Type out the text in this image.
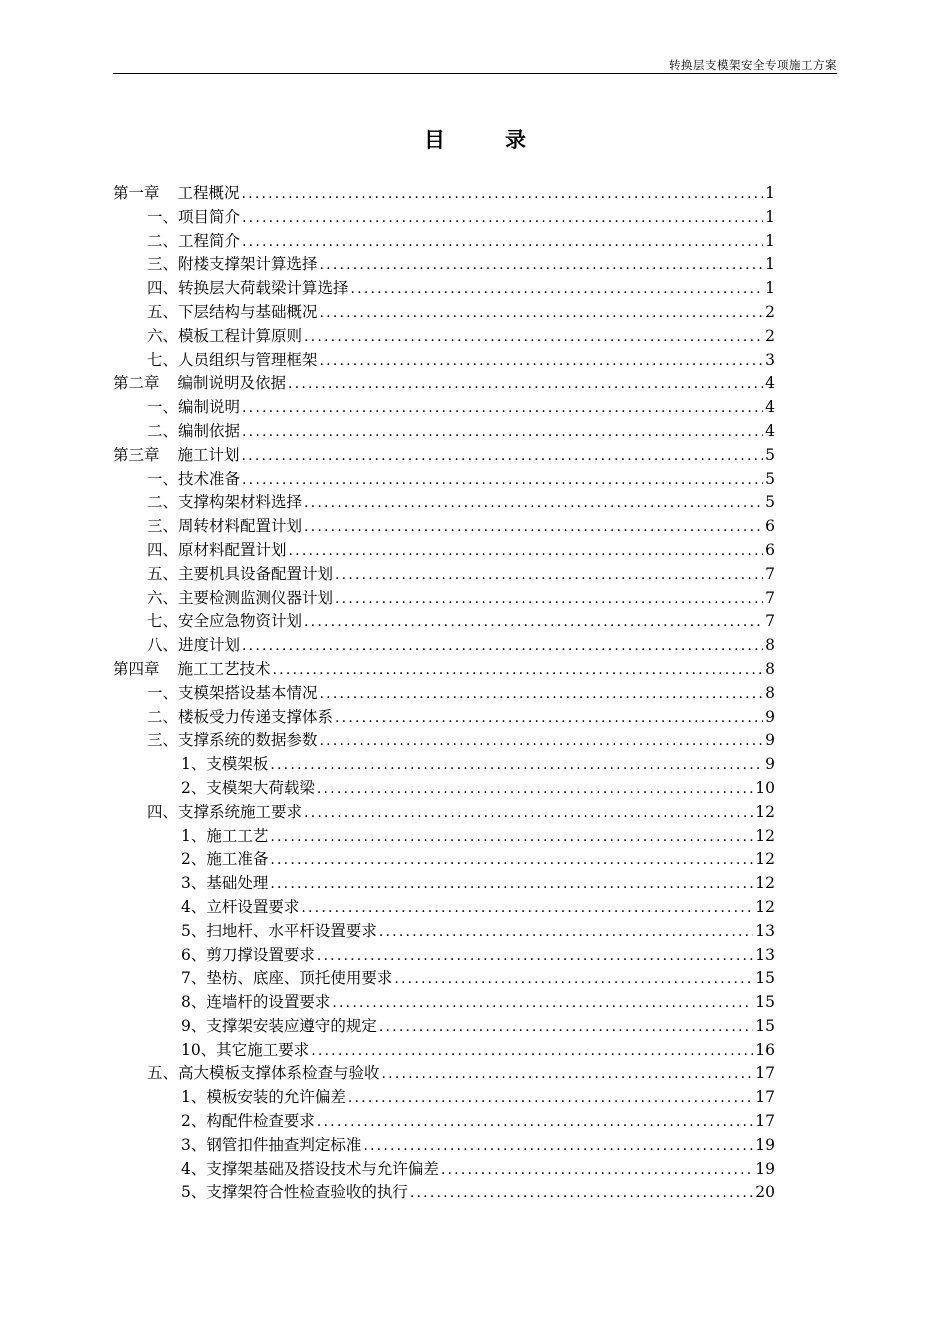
转换层支模架安全专项施工方案
目	录
第一章 工程概况 .....	1
一、项目简介 .....	1
二、工程简介 .....	1
三、附楼支撑架计算选择 .....	1
四、转换层大荷载梁计算选择 .....	1
五、下层结构与基础概况 .....	2
六、模板工程计算原则 .....	2
七、人员组织与管理框架 .....	3
第二章 编制说明及依据 .....	4
一、编制说明 .....	4
二、编制依据 .....	4
第三章 施工计划 .....	5
一、技术准备 .....	5
二、支撑构架材料选择 .....	5
三、周转材料配置计划 .....	6
四、原材料配置计划 .....	6
五、主要机具设备配置计划 .....	7
六、主要检测监测仪器计划 .....	7
七、安全应急物资计划 .....	7
八、进度计划 .....	8
第四章 施工工艺技术 .....	8
一、支模架搭设基本情况 .....	8
二、楼板受力传递支撑体系 .....	9
三、支撑系统的数据参数 .....	9
1、支模架板 .....	9
2、支模架大荷载梁 .....	10
四、支撑系统施工要求 .....	12
1、施工工艺 .....	12
2、施工准备 .....	12
3、基础处理 .....	12
4、立杆设置要求 .....	12
5、扫地杆、水平杆设置要求 .....	13
6、剪刀撑设置要求 .....	13
7、垫枋、底座、顶托使用要求 .....	15
8、连墙杆的设置要求 .....	15
9、支撑架安装应遵守的规定 .....	15
10、其它施工要求 .....	16
五、高大模板支撑体系检查与验收 .....	17
1、模板安装的允许偏差 .....	17
2、构配件检查要求 .....	17
3、钢管扣件抽查判定标准 .....	19
4、支撑架基础及搭设技术与允许偏差 .....	19
5、支撑架符合性检查验收的执行 .....	20
